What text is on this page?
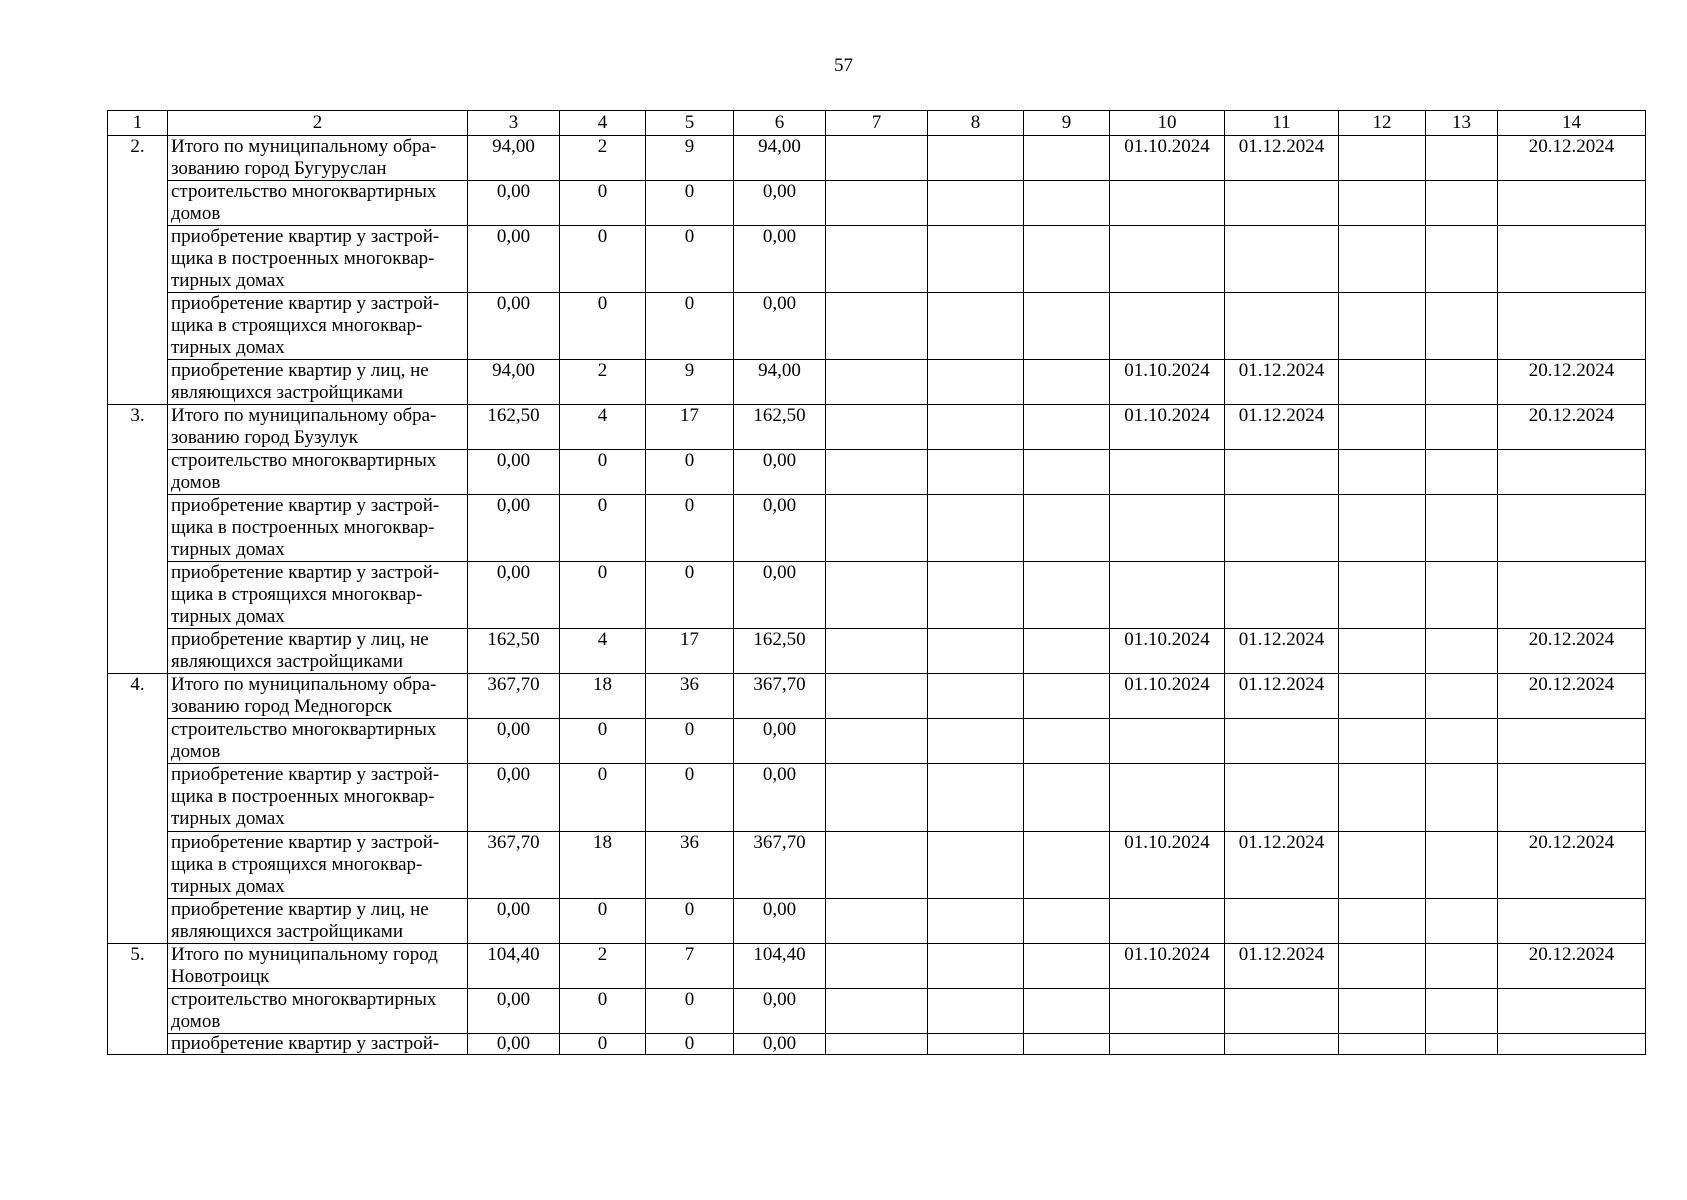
57
1	2	3	4	5	6	7	8	9	10	11	12	13	14
2.	Итого по муниципальному обра-зованию город Бугуруслан	94,00	2	9	94,00				01.10.2024	01.12.2024			20.12.2024
	строительство многоквартирных домов	0,00	0	0	0,00								
	приобретение квартир у застрой-щика в построенных многоквар-тирных домах	0,00	0	0	0,00								
	приобретение квартир у застрой-щика в строящихся многоквар-тирных домах	0,00	0	0	0,00								
	приобретение квартир у лиц, не являющихся застройщиками	94,00	2	9	94,00				01.10.2024	01.12.2024			20.12.2024
3.	Итого по муниципальному обра-зованию город Бузулук	162,50	4	17	162,50				01.10.2024	01.12.2024			20.12.2024
	строительство многоквартирных домов	0,00	0	0	0,00								
	приобретение квартир у застрой-щика в построенных многоквар-тирных домах	0,00	0	0	0,00								
	приобретение квартир у застрой-щика в строящихся многоквар-тирных домах	0,00	0	0	0,00								
	приобретение квартир у лиц, не являющихся застройщиками	162,50	4	17	162,50				01.10.2024	01.12.2024			20.12.2024
4.	Итого по муниципальному обра-зованию город Медногорск	367,70	18	36	367,70				01.10.2024	01.12.2024			20.12.2024
	строительство многоквартирных домов	0,00	0	0	0,00								
	приобретение квартир у застрой-щика в построенных многоквар-тирных домах	0,00	0	0	0,00								
	приобретение квартир у застрой-щика в строящихся многоквар-тирных домах	367,70	18	36	367,70				01.10.2024	01.12.2024			20.12.2024
	приобретение квартир у лиц, не являющихся застройщиками	0,00	0	0	0,00								
5.	Итого по муниципальному город Новотроицк	104,40	2	7	104,40				01.10.2024	01.12.2024			20.12.2024
	строительство многоквартирных домов	0,00	0	0	0,00								
	приобретение квартир у застрой-	0,00	0	0	0,00								
